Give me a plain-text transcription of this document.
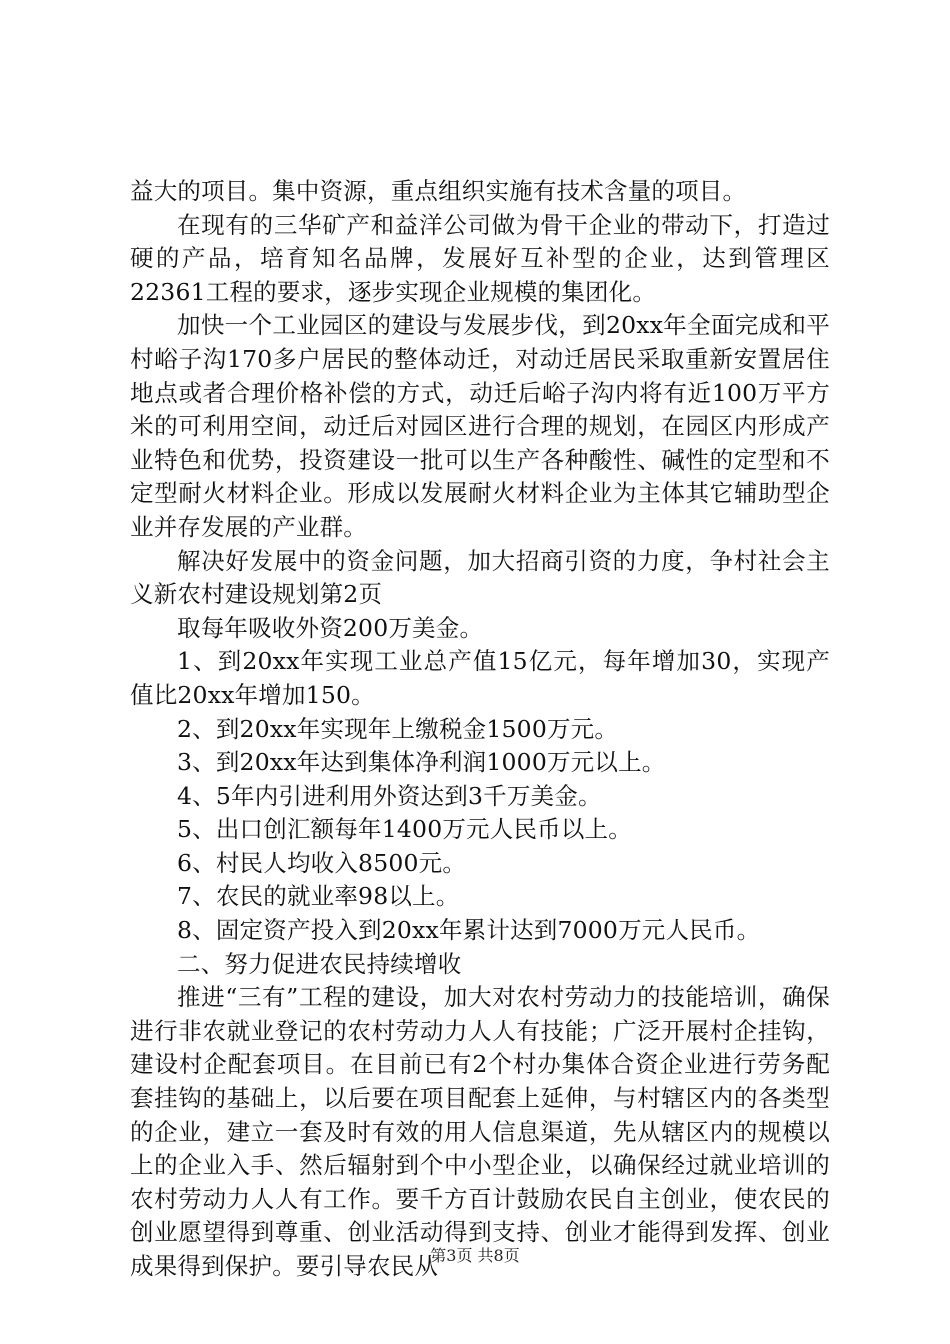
益大的项目。集中资源，重点组织实施有技术含量的项目。

在现有的三华矿产和益洋公司做为骨干企业的带动下，打造过硬的产品，培育知名品牌，发展好互补型的企业，达到管理区22361工程的要求，逐步实现企业规模的集团化。

加快一个工业园区的建设与发展步伐，到20xx年全面完成和平村峪子沟170多户居民的整体动迁，对动迁居民采取重新安置居住地点或者合理价格补偿的方式，动迁后峪子沟内将有近100万平方米的可利用空间，动迁后对园区进行合理的规划，在园区内形成产业特色和优势，投资建设一批可以生产各种酸性、碱性的定型和不定型耐火材料企业。形成以发展耐火材料企业为主体其它辅助型企业并存发展的产业群。

解决好发展中的资金问题，加大招商引资的力度，争村社会主义新农村建设规划第2页

取每年吸收外资200万美金。

1、到20xx年实现工业总产值15亿元，每年增加30，实现产值比20xx年增加150。

2、到20xx年实现年上缴税金1500万元。

3、到20xx年达到集体净利润1000万元以上。

4、5年内引进利用外资达到3千万美金。

5、出口创汇额每年1400万元人民币以上。

6、村民人均收入8500元。

7、农民的就业率98以上。

8、固定资产投入到20xx年累计达到7000万元人民币。

二、努力促进农民持续增收

推进“三有”工程的建设，加大对农村劳动力的技能培训，确保进行非农就业登记的农村劳动力人人有技能；广泛开展村企挂钩，建设村企配套项目。在目前已有2个村办集体合资企业进行劳务配套挂钩的基础上，以后要在项目配套上延伸，与村辖区内的各类型的企业，建立一套及时有效的用人信息渠道，先从辖区内的规模以上的企业入手、然后辐射到个中小型企业，以确保经过就业培训的农村劳动力人人有工作。要千方百计鼓励农民自主创业，使农民的创业愿望得到尊重、创业活动得到支持、创业才能得到发挥、创业成果得到保护。要引导农民从

第3页 共8页
